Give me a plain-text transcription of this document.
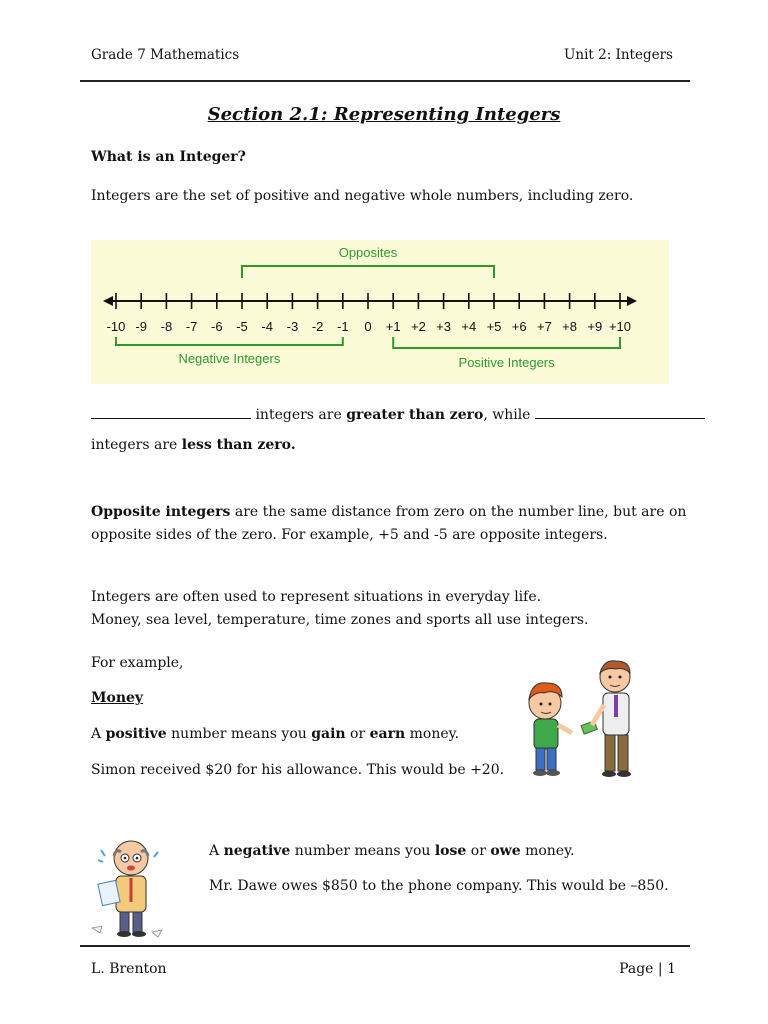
Grade 7 Mathematics	Unit 2: Integers
Section 2.1: Representing Integers
What is an Integer?
Integers are the set of positive and negative whole numbers, including zero.
-10 -9 -8 -7 -6 -5 -4 -3 -2 -1 0 +1 +2 +3 +4 +5 +6 +7 +8 +9 +10
Opposites
Negative Integers	Positive Integers
integers are greater than zero, while
integers are less than zero.
Opposite integers are the same distance from zero on the number line, but are on
opposite sides of the zero. For example, +5 and -5 are opposite integers.
Integers are often used to represent situations in everyday life.
Money, sea level, temperature, time zones and sports all use integers.
For example,
Money
A positive number means you gain or earn money.
Simon received $20 for his allowance. This would be +20.
A negative number means you lose or owe money.
Mr. Dawe owes $850 to the phone company. This would be –850.
L. Brenton	Page | 1
